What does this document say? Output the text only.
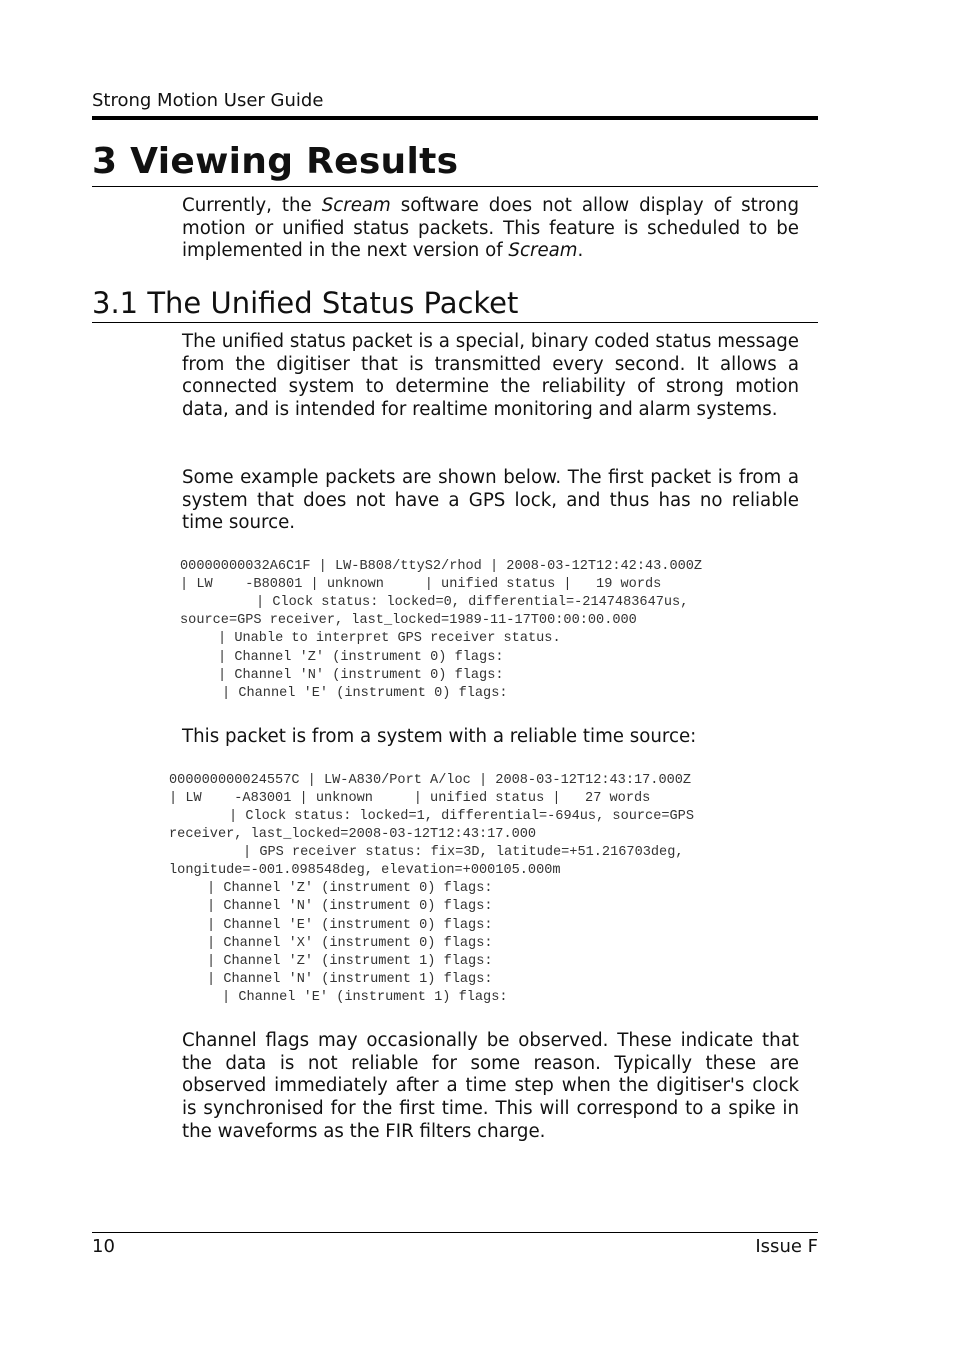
Strong Motion User Guide
3 Viewing Results
Currently, the Scream software does not allow display of strong motion or unified status packets. This feature is scheduled to be implemented in the next version of Scream.
3.1 The Unified Status Packet
The unified status packet is a special, binary coded status message from the digitiser that is transmitted every second. It allows a connected system to determine the reliability of strong motion data, and is intended for realtime monitoring and alarm systems.
Some example packets are shown below. The first packet is from a system that does not have a GPS lock, and thus has no reliable time source.
00000000032A6C1F | LW-B808/ttyS2/rhod | 2008-03-12T12:42:43.000Z
| LW    -B80801 | unknown     | unified status |   19 words
| Clock status: locked=0, differential=-2147483647us,
source=GPS receiver, last_locked=1989-11-17T00:00:00.000
| Unable to interpret GPS receiver status.
| Channel 'Z' (instrument 0) flags:
| Channel 'N' (instrument 0) flags:
| Channel 'E' (instrument 0) flags:
This packet is from a system with a reliable time source:
000000000024557C | LW-A830/Port A/loc | 2008-03-12T12:43:17.000Z
| LW    -A83001 | unknown     | unified status |   27 words
| Clock status: locked=1, differential=-694us, source=GPS
receiver, last_locked=2008-03-12T12:43:17.000
| GPS receiver status: fix=3D, latitude=+51.216703deg,
longitude=-001.098548deg, elevation=+000105.000m
| Channel 'Z' (instrument 0) flags:
| Channel 'N' (instrument 0) flags:
| Channel 'E' (instrument 0) flags:
| Channel 'X' (instrument 0) flags:
| Channel 'Z' (instrument 1) flags:
| Channel 'N' (instrument 1) flags:
| Channel 'E' (instrument 1) flags:
Channel flags may occasionally be observed. These indicate that the data is not reliable for some reason. Typically these are observed immediately after a time step when the digitiser's clock is synchronised for the first time. This will correspond to a spike in the waveforms as the FIR filters charge.
10	Issue F
